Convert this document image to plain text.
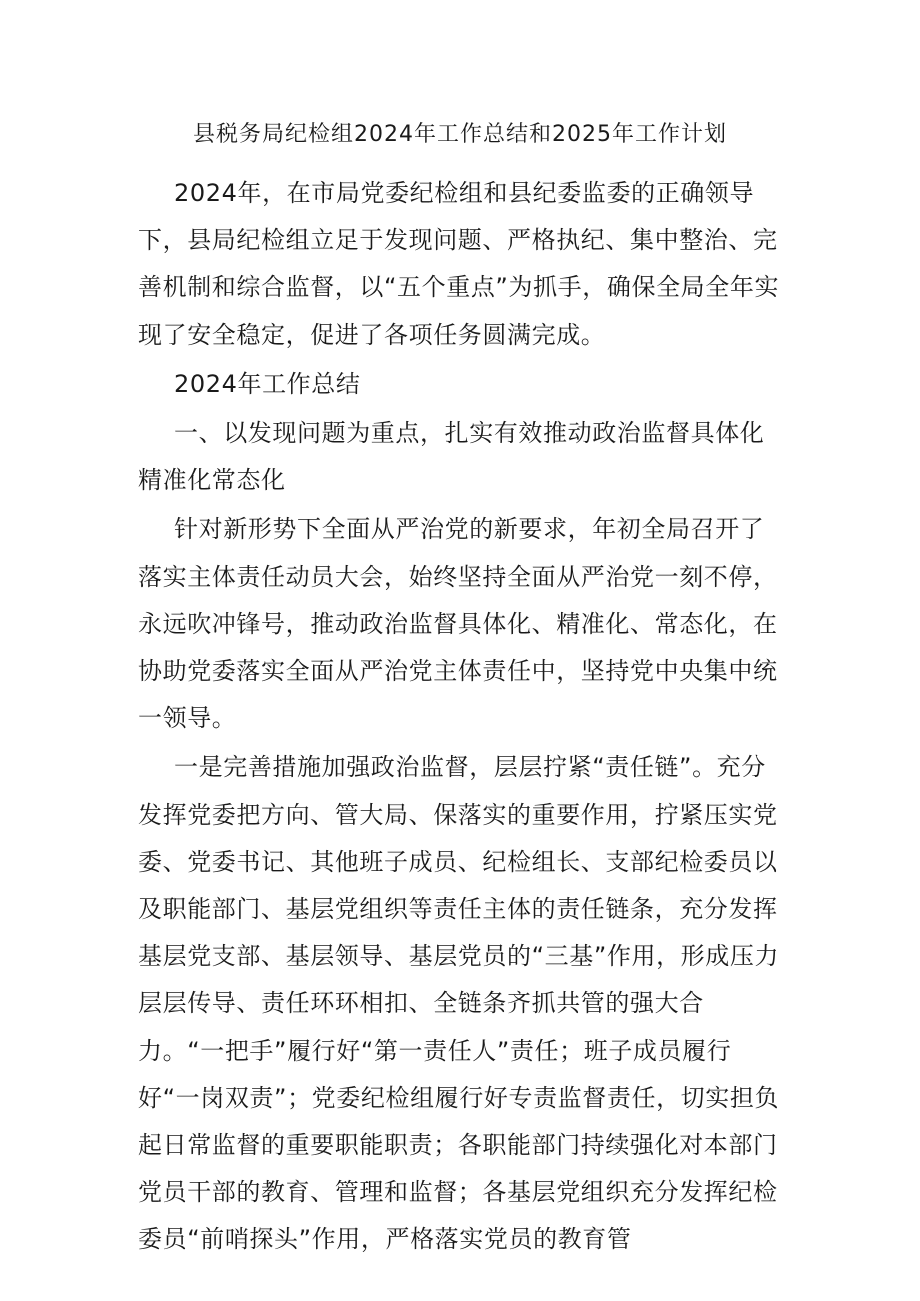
县税务局纪检组2024年工作总结和2025年工作计划

2024年，在市局党委纪检组和县纪委监委的正确领导下，县局纪检组立足于发现问题、严格执纪、集中整治、完善机制和综合监督，以“五个重点”为抓手，确保全局全年实现了安全稳定，促进了各项任务圆满完成。

2024年工作总结

一、以发现问题为重点，扎实有效推动政治监督具体化精准化常态化

针对新形势下全面从严治党的新要求，年初全局召开了落实主体责任动员大会，始终坚持全面从严治党一刻不停，永远吹冲锋号，推动政治监督具体化、精准化、常态化，在协助党委落实全面从严治党主体责任中，坚持党中央集中统一领导。

一是完善措施加强政治监督，层层拧紧“责任链”。充分发挥党委把方向、管大局、保落实的重要作用，拧紧压实党委、党委书记、其他班子成员、纪检组长、支部纪检委员以及职能部门、基层党组织等责任主体的责任链条，充分发挥基层党支部、基层领导、基层党员的“三基”作用，形成压力层层传导、责任环环相扣、全链条齐抓共管的强大合力。“一把手”履行好“第一责任人”责任；班子成员履行好“一岗双责”；党委纪检组履行好专责监督责任，切实担负起日常监督的重要职能职责；各职能部门持续强化对本部门党员干部的教育、管理和监督；各基层党组织充分发挥纪检委员“前哨探头”作用，严格落实党员的教育管
